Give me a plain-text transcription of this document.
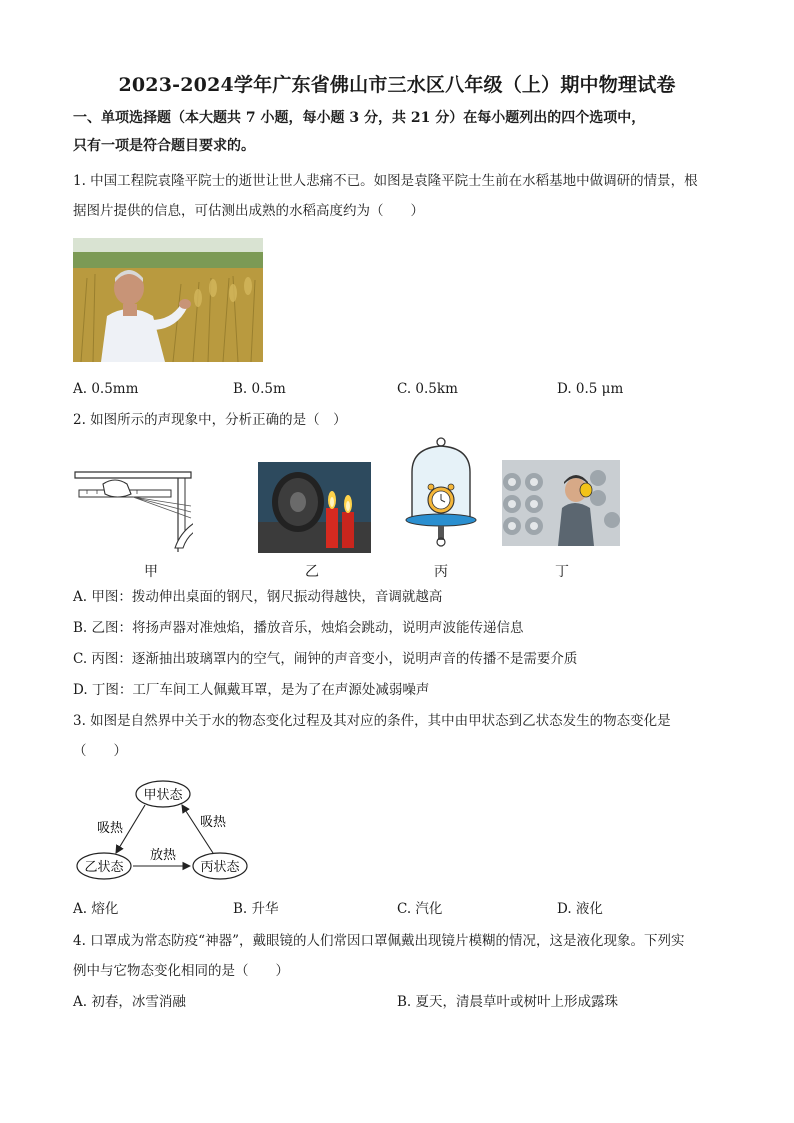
2023-2024学年广东省佛山市三水区八年级（上）期中物理试卷
一、单项选择题（本大题共 7 小题，每小题 3 分，共 21 分）在每小题列出的四个选项中，
只有一项是符合题目要求的。
1. 中国工程院袁隆平院士的逝世让世人悲痛不已。如图是袁隆平院士生前在水稻基地中做调研的情景，根
据图片提供的信息，可估测出成熟的水稻高度约为（　　）
A. 0.5mm	B. 0.5m	C. 0.5km	D. 0.5 μm
2. 如图所示的声现象中，分析正确的是（　）
甲	乙	丙	丁
A. 甲图：拨动伸出桌面的钢尺，钢尺振动得越快，音调就越高
B. 乙图：将扬声器对准烛焰，播放音乐，烛焰会跳动，说明声波能传递信息
C. 丙图：逐渐抽出玻璃罩内的空气，闹钟的声音变小，说明声音的传播不是需要介质
D. 丁图：工厂车间工人佩戴耳罩，是为了在声源处减弱噪声
3. 如图是自然界中关于水的物态变化过程及其对应的条件，其中由甲状态到乙状态发生的物态变化是
（　　）
甲状态
乙状态	丙状态
吸热	吸热
放热
A. 熔化	B. 升华	C. 汽化	D. 液化
4. 口罩成为常态防疫“神器”，戴眼镜的人们常因口罩佩戴出现镜片模糊的情况，这是液化现象。下列实
例中与它物态变化相同的是（　　）
A. 初春，冰雪消融	B. 夏天，清晨草叶或树叶上形成露珠
